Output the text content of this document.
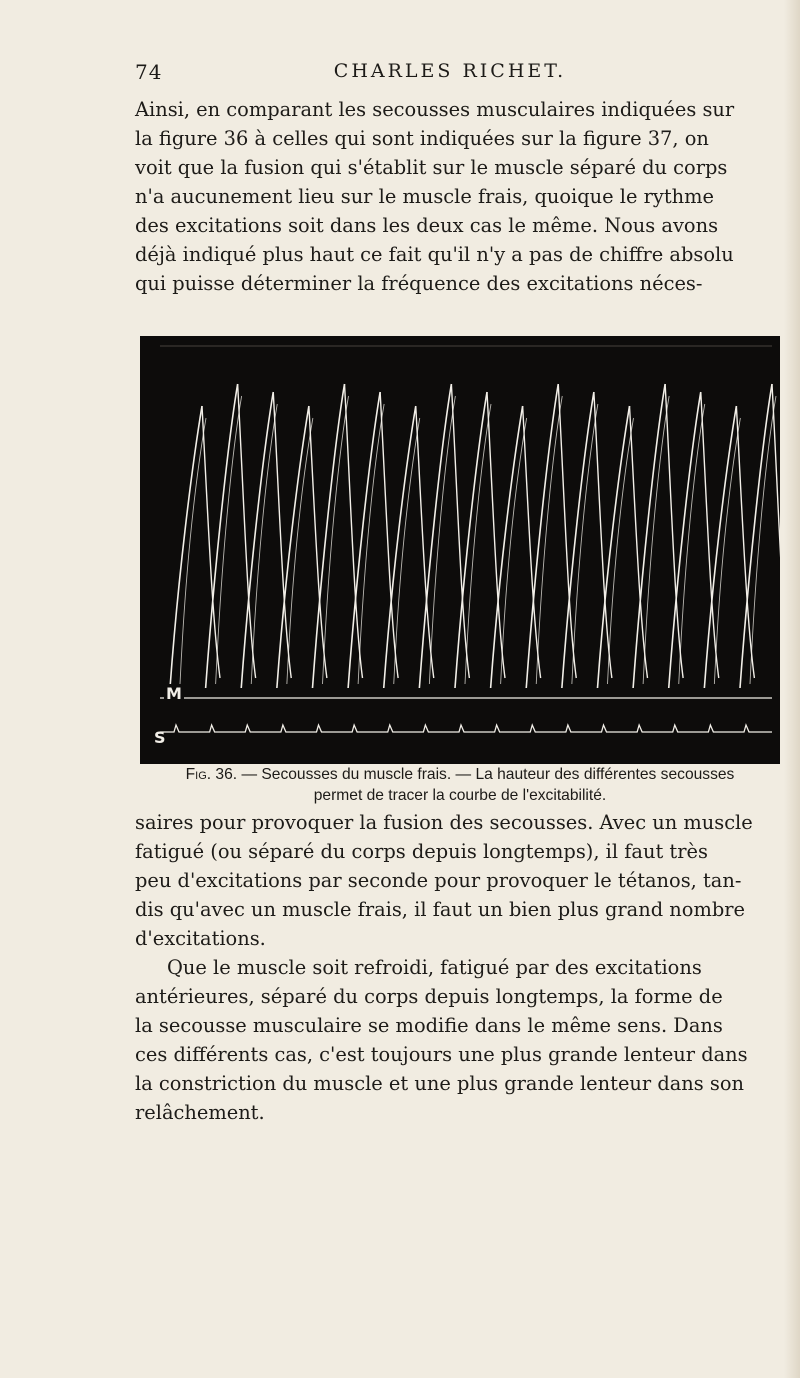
74	CHARLES RICHET.

Ainsi, en comparant les secousses musculaires indiquées sur
la figure 36 à celles qui sont indiquées sur la figure 37, on
voit que la fusion qui s'établit sur le muscle séparé du corps
n'a aucunement lieu sur le muscle frais, quoique le rythme
des excitations soit dans les deux cas le même. Nous avons
déjà indiqué plus haut ce fait qu'il n'y a pas de chiffre absolu
qui puisse déterminer la fréquence des excitations néces-

M
S
Fig. 36. — Secousses du muscle frais. — La hauteur des différentes secousses
permet de tracer la courbe de l'excitabilité.

saires pour provoquer la fusion des secousses. Avec un muscle
fatigué (ou séparé du corps depuis longtemps), il faut très
peu d'excitations par seconde pour provoquer le tétanos, tan-
dis qu'avec un muscle frais, il faut un bien plus grand nombre
d'excitations.
Que le muscle soit refroidi, fatigué par des excitations
antérieures, séparé du corps depuis longtemps, la forme de
la secousse musculaire se modifie dans le même sens. Dans
ces différents cas, c'est toujours une plus grande lenteur dans
la constriction du muscle et une plus grande lenteur dans son
relâchement.
